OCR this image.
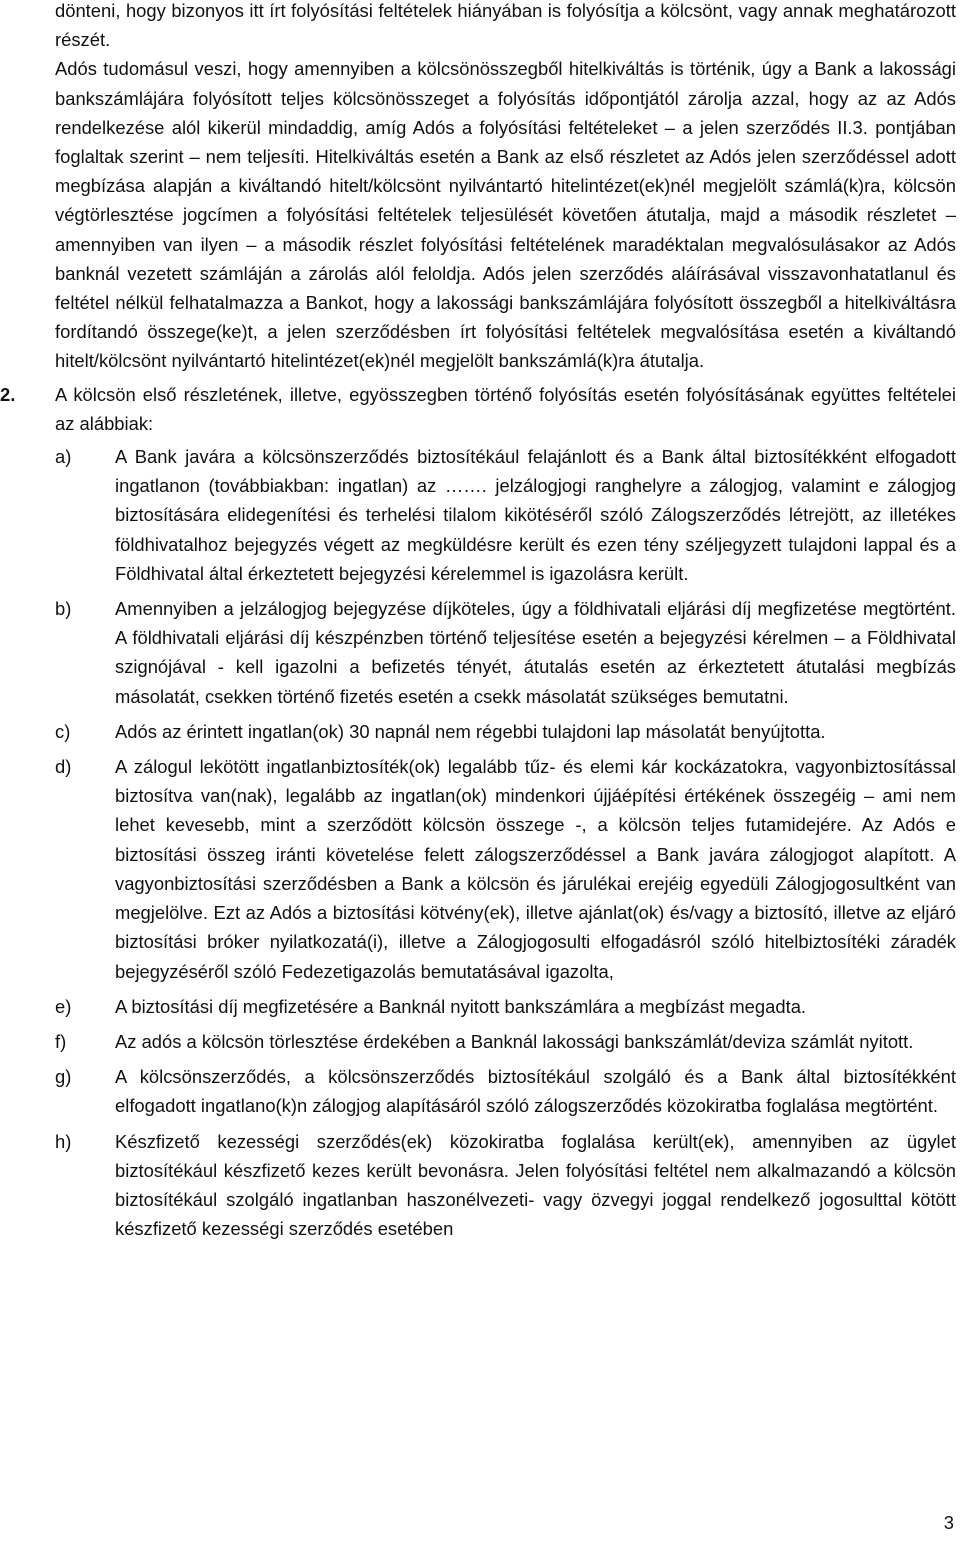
dönteni, hogy bizonyos itt írt folyósítási feltételek hiányában is folyósítja a kölcsönt, vagy annak meghatározott részét.

Adós tudomásul veszi, hogy amennyiben a kölcsönösszegből hitelkiváltás is történik, úgy a Bank a lakossági bankszámlájára folyósított teljes kölcsönösszeget a folyósítás időpontjától zárolja azzal, hogy az az Adós rendelkezése alól kikerül mindaddig, amíg Adós a folyósítási feltételeket – a jelen szerződés II.3. pontjában foglaltak szerint – nem teljesíti. Hitelkiváltás esetén a Bank az első részletet az Adós jelen szerződéssel adott megbízása alapján a kiváltandó hitelt/kölcsönt nyilvántartó hitelintézet(ek)nél megjelölt számlá(k)ra, kölcsön végtörlesztése jogcímen a folyósítási feltételek teljesülését követően átutalja, majd a második részletet – amennyiben van ilyen – a második részlet folyósítási feltételének maradéktalan megvalósulásakor az Adós banknál vezetett számláján a zárolás alól feloldja. Adós jelen szerződés aláírásával visszavonhatatlanul és feltétel nélkül felhatalmazza a Bankot, hogy a lakossági bankszámlájára folyósított összegből a hitelkiváltásra fordítandó összege(ke)t, a jelen szerződésben írt folyósítási feltételek megvalósítása esetén a kiváltandó hitelt/kölcsönt nyilvántartó hitelintézet(ek)nél megjelölt bankszámlá(k)ra átutalja.

2. A kölcsön első részletének, illetve, egyösszegben történő folyósítás esetén folyósításának együttes feltételei az alábbiak:

a) A Bank javára a kölcsönszerződés biztosítékául felajánlott és a Bank által biztosítékként elfogadott ingatlanon (továbbiakban: ingatlan) az ……. jelzálogjogi ranghelyre a zálogjog, valamint e zálogjog biztosítására elidegenítési és terhelési tilalom kikötéséről szóló Zálogszerződés létrejött, az illetékes földhivatalhoz bejegyzés végett az megküldésre került és ezen tény széljegyzett tulajdoni lappal és a Földhivatal által érkeztetett bejegyzési kérelemmel is igazolásra került.

b) Amennyiben a jelzálogjog bejegyzése díjköteles, úgy a földhivatali eljárási díj megfizetése megtörtént. A földhivatali eljárási díj készpénzben történő teljesítése esetén a bejegyzési kérelmen – a Földhivatal szignójával - kell igazolni a befizetés tényét, átutalás esetén az érkeztetett átutalási megbízás másolatát, csekken történő fizetés esetén a csekk másolatát szükséges bemutatni.

c) Adós az érintett ingatlan(ok) 30 napnál nem régebbi tulajdoni lap másolatát benyújtotta.

d) A zálogul lekötött ingatlanbiztosíték(ok) legalább tűz- és elemi kár kockázatokra, vagyonbiztosítással biztosítva van(nak), legalább az ingatlan(ok) mindenkori újjáépítési értékének összegéig – ami nem lehet kevesebb, mint a szerződött kölcsön összege -, a kölcsön teljes futamidejére. Az Adós e biztosítási összeg iránti követelése felett zálogszerződéssel a Bank javára zálogjogot alapított. A vagyonbiztosítási szerződésben a Bank a kölcsön és járulékai erejéig egyedüli Zálogjogosultként van megjelölve. Ezt az Adós a biztosítási kötvény(ek), illetve ajánlat(ok) és/vagy a biztosító, illetve az eljáró biztosítási bróker nyilatkozatá(i), illetve a Zálogjogosulti elfogadásról szóló hitelbiztosítéki záradék bejegyzéséről szóló Fedezetigazolás bemutatásával igazolta,

e) A biztosítási díj megfizetésére a Banknál nyitott bankszámlára a megbízást megadta.

f)	Az adós a kölcsön törlesztése érdekében a Banknál lakossági bankszámlát/deviza számlát nyitott.

g) A kölcsönszerződés, a kölcsönszerződés biztosítékául szolgáló és a Bank által biztosítékként elfogadott ingatlano(k)n zálogjog alapításáról szóló zálogszerződés közokiratba foglalása megtörtént.

h) Készfizető kezességi szerződés(ek) közokiratba foglalása került(ek), amennyiben az ügylet biztosítékául készfizető kezes került bevonásra. Jelen folyósítási feltétel nem alkalmazandó a kölcsön biztosítékául szolgáló ingatlanban haszonélvezeti- vagy özvegyi joggal rendelkező jogosulttal kötött készfizető kezességi szerződés esetében

3
